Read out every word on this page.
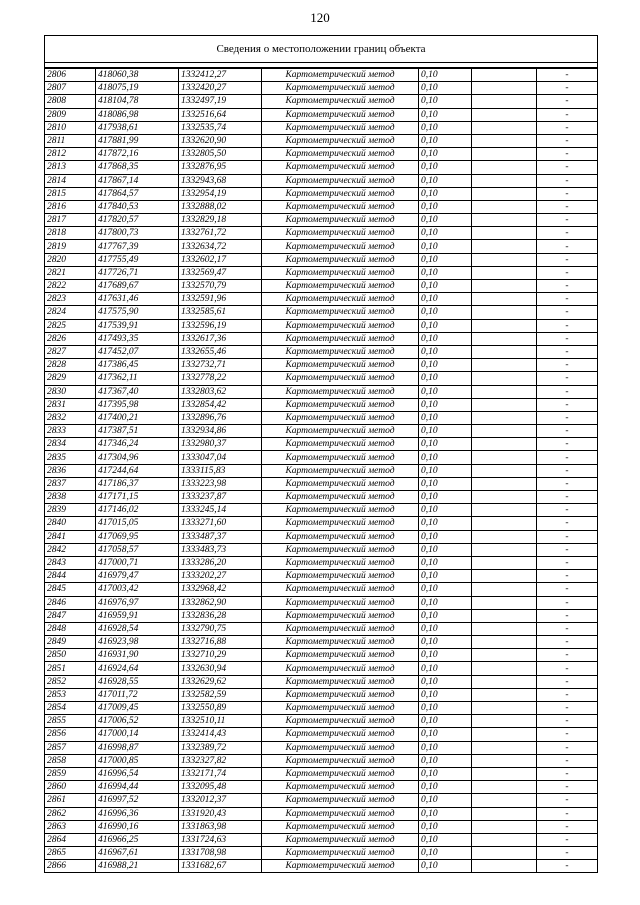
120
Сведения о местоположении границ объекта
2806	418060,38	1332412,27	Картометрический метод	0,10		-
2807	418075,19	1332420,27	Картометрический метод	0,10		-
2808	418104,78	1332497,19	Картометрический метод	0,10		-
2809	418086,98	1332516,64	Картометрический метод	0,10		-
2810	417938,61	1332535,74	Картометрический метод	0,10		-
2811	417881,99	1332620,90	Картометрический метод	0,10		-
2812	417872,16	1332805,50	Картометрический метод	0,10		-
2813	417868,35	1332876,95	Картометрический метод	0,10		-
2814	417867,14	1332943,68	Картометрический метод	0,10		-
2815	417864,57	1332954,19	Картометрический метод	0,10		-
2816	417840,53	1332888,02	Картометрический метод	0,10		-
2817	417820,57	1332829,18	Картометрический метод	0,10		-
2818	417800,73	1332761,72	Картометрический метод	0,10		-
2819	417767,39	1332634,72	Картометрический метод	0,10		-
2820	417755,49	1332602,17	Картометрический метод	0,10		-
2821	417726,71	1332569,47	Картометрический метод	0,10		-
2822	417689,67	1332570,79	Картометрический метод	0,10		-
2823	417631,46	1332591,96	Картометрический метод	0,10		-
2824	417575,90	1332585,61	Картометрический метод	0,10		-
2825	417539,91	1332596,19	Картометрический метод	0,10		-
2826	417493,35	1332617,36	Картометрический метод	0,10		-
2827	417452,07	1332655,46	Картометрический метод	0,10		-
2828	417386,45	1332732,71	Картометрический метод	0,10		-
2829	417362,11	1332778,22	Картометрический метод	0,10		-
2830	417367,40	1332803,62	Картометрический метод	0,10		-
2831	417395,98	1332854,42	Картометрический метод	0,10		-
2832	417400,21	1332896,76	Картометрический метод	0,10		-
2833	417387,51	1332934,86	Картометрический метод	0,10		-
2834	417346,24	1332980,37	Картометрический метод	0,10		-
2835	417304,96	1333047,04	Картометрический метод	0,10		-
2836	417244,64	1333115,83	Картометрический метод	0,10		-
2837	417186,37	1333223,98	Картометрический метод	0,10		-
2838	417171,15	1333237,87	Картометрический метод	0,10		-
2839	417146,02	1333245,14	Картометрический метод	0,10		-
2840	417015,05	1333271,60	Картометрический метод	0,10		-
2841	417069,95	1333487,37	Картометрический метод	0,10		-
2842	417058,57	1333483,73	Картометрический метод	0,10		-
2843	417000,71	1333286,20	Картометрический метод	0,10		-
2844	416979,47	1333202,27	Картометрический метод	0,10		-
2845	417003,42	1332968,42	Картометрический метод	0,10		-
2846	416976,97	1332862,90	Картометрический метод	0,10		-
2847	416959,91	1332836,28	Картометрический метод	0,10		-
2848	416928,54	1332790,75	Картометрический метод	0,10		-
2849	416923,98	1332716,88	Картометрический метод	0,10		-
2850	416931,90	1332710,29	Картометрический метод	0,10		-
2851	416924,64	1332630,94	Картометрический метод	0,10		-
2852	416928,55	1332629,62	Картометрический метод	0,10		-
2853	417011,72	1332582,59	Картометрический метод	0,10		-
2854	417009,45	1332550,89	Картометрический метод	0,10		-
2855	417006,52	1332510,11	Картометрический метод	0,10		-
2856	417000,14	1332414,43	Картометрический метод	0,10		-
2857	416998,87	1332389,72	Картометрический метод	0,10		-
2858	417000,85	1332327,82	Картометрический метод	0,10		-
2859	416996,54	1332171,74	Картометрический метод	0,10		-
2860	416994,44	1332095,48	Картометрический метод	0,10		-
2861	416997,52	1332012,37	Картометрический метод	0,10		-
2862	416996,36	1331920,43	Картометрический метод	0,10		-
2863	416990,16	1331863,98	Картометрический метод	0,10		-
2864	416966,25	1331724,63	Картометрический метод	0,10		-
2865	416967,61	1331708,98	Картометрический метод	0,10		-
2866	416988,21	1331682,67	Картометрический метод	0,10		-
